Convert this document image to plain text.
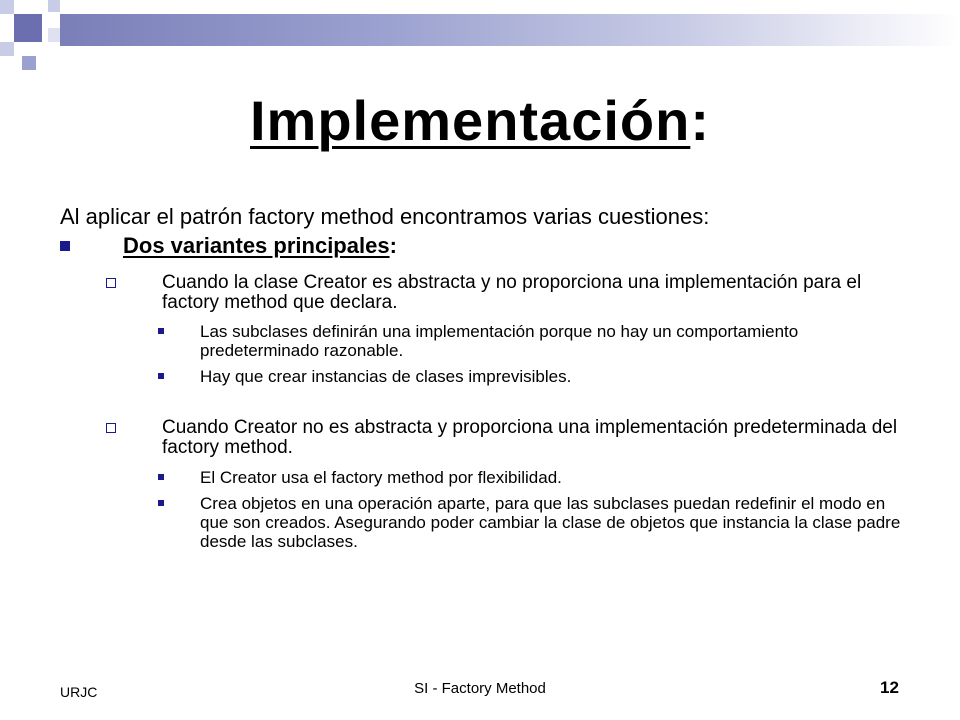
Implementación:
Al aplicar el patrón factory method encontramos varias cuestiones:
Dos variantes principales:
Cuando la clase Creator es abstracta y no proporciona una implementación para el factory method que declara.
Las subclases definirán una implementación porque no hay un comportamiento predeterminado razonable.
Hay que crear instancias de clases imprevisibles.
Cuando Creator no es abstracta y proporciona una implementación predeterminada del factory method.
El Creator usa el factory method por flexibilidad.
Crea objetos en una operación aparte, para que las subclases puedan redefinir el modo en que son creados. Asegurando poder cambiar la clase de objetos que instancia la clase padre desde las subclases.
URJC	SI - Factory Method	12
